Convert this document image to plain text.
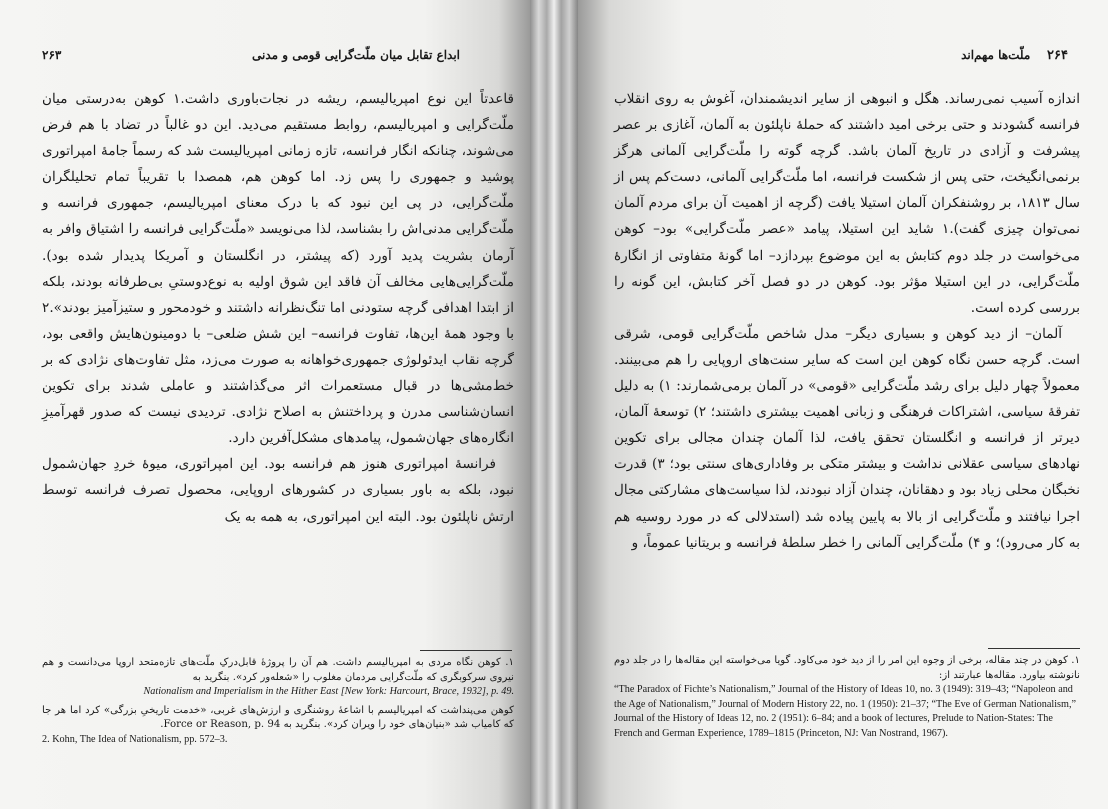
ابداع تقابل میان ملّت‌گرایی قومی و مدنی
۲۶۳

قاعدتاً این نوع امپریالیسم، ریشه در نجات‌باوری داشت.۱ کوهن به‌درستی میان ملّت‌گرایی و امپریالیسم، روابط مستقیم می‌دید. این دو غالباً در تضاد با هم فرض می‌شوند، چنانکه انگار فرانسه، تازه زمانی امپریالیست شد که رسماً جامهٔ امپراتوری پوشید و جمهوری را پس زد. اما کوهن هم، همصدا با تقریباً تمام تحلیلگران ملّت‌گرایی، در پی این نبود که با درک معنای امپریالیسم، جمهوری فرانسه و ملّت‌گرایی مدنی‌اش را بشناسد، لذا می‌نویسد «ملّت‌گرایی فرانسه را اشتیاق وافر به آرمان بشریت پدید آورد (که پیشتر، در انگلستان و آمریکا پدیدار شده بود). ملّت‌گرایی‌هایی مخالف آن فاقد این شوق اولیه به نوع‌دوستیِ بی‌طرفانه بودند، بلکه از ابتدا اهدافی گرچه ستودنی اما تنگ‌نظرانه داشتند و خودمحور و ستیزآمیز بودند».۲ با وجود همهٔ این‌ها، تفاوت فرانسه– این شش ضلعی– با دومینون‌هایش واقعی بود، گرچه نقاب ایدئولوژی جمهوری‌خواهانه به صورت می‌زد، مثل تفاوت‌های نژادی که بر خط‌مشی‌ها در قبال مستعمرات اثر می‌گذاشتند و عاملی شدند برای تکوین انسان‌شناسی مدرن و پرداختنش به اصلاح نژادی. تردیدی نیست که صدور قهرآمیزِ انگاره‌های جهان‌شمول، پیامدهای مشکل‌آفرین دارد.

فرانسهٔ امپراتوری هنوز هم فرانسه بود. این امپراتوری، میوهٔ خردِ جهان‌شمول نبود، بلکه به باور بسیاری در کشورهای اروپایی، محصول تصرف فرانسه توسط ارتش ناپلئون بود. البته این امپراتوری، به همه به یک

۱. کوهن نگاه مردی به امپریالیسم داشت. هم آن را پروژهٔ قابل‌درکِ ملّت‌های تازه‌متحد اروپا می‌دانست و هم نیروی سرکوبگری که ملّت‌گرایی مردمان مغلوب را «شعلەور کرد». بنگرید به
Nationalism and Imperialism in the Hither East [New York: Harcourt, Brace, 1932], p. 49.
کوهن می‌پنداشت که امپریالیسم با اشاعهٔ روشنگری و ارزش‌های غربی، «خدمت تاریخیِ بزرگی» کرد اما هر جا که کامیاب شد «بنیان‌های خود را ویران کرد». بنگرید به Force or Reason, p. 94.
2. Kohn, The Idea of Nationalism, pp. 572–3.
۲۶۴    ملّت‌ها مهم‌اند

اندازه آسیب نمی‌رساند. هگل و انبوهی از سایر اندیشمندان، آغوش به روی انقلاب فرانسه گشودند و حتی برخی امید داشتند که حملهٔ ناپلئون به آلمان، آغازی بر عصر پیشرفت و آزادی در تاریخ آلمان باشد. گرچه گوته را ملّت‌گرایی آلمانی هرگز برنمی‌انگیخت، حتی پس از شکست فرانسه، اما ملّت‌گرایی آلمانی، دست‌کم پس از سال ۱۸۱۳، بر روشنفکران آلمان استیلا یافت (گرچه از اهمیت آن برای مردم آلمان نمی‌توان چیزی گفت).۱ شاید این استیلا، پیامد «عصر ملّت‌گرایی» بود– کوهن می‌خواست در جلد دوم کتابش به این موضوع بپردازد– اما گونهٔ متفاوتی از انگارهٔ ملّت‌گرایی، در این استیلا مؤثر بود. کوهن در دو فصل آخر کتابش، این گونه را بررسی کرده است.

آلمان– از دید کوهن و بسیاری دیگر– مدل شاخص ملّت‌گرایی قومی، شرقی است. گرچه حسن نگاه کوهن این است که سایر سنت‌های اروپایی را هم می‌بینند. معمولاً چهار دلیل برای رشد ملّت‌گرایی «قومی» در آلمان برمی‌شمارند: ۱) به دلیل تفرقهٔ سیاسی، اشتراکات فرهنگی و زبانی اهمیت بیشتری داشتند؛ ۲) توسعهٔ آلمان، دیرتر از فرانسه و انگلستان تحقق یافت، لذا آلمان چندان مجالی برای تکوین نهادهای سیاسی عقلانی نداشت و بیشتر متکی بر وفاداری‌های سنتی بود؛ ۳) قدرت نخبگان محلی زیاد بود و دهقانان، چندان آزاد نبودند، لذا سیاست‌های مشارکتی مجال اجرا نیافتند و ملّت‌گرایی از بالا به پایین پیاده شد (استدلالی که در مورد روسیه هم به کار می‌رود)؛ و ۴) ملّت‌گرایی آلمانی را خطر سلطهٔ فرانسه و بریتانیا عموماً، و

۱. کوهن در چند مقاله، برخی از وجوه این امر را از دید خود می‌کاود. گویا می‌خواسته این مقاله‌ها را در جلد دوم نانوشته بیاورد. مقاله‌ها عبارتند از:
“The Paradox of Fichte’s Nationalism,” Journal of the History of Ideas 10, no. 3 (1949): 319–43; “Napoleon and the Age of Nationalism,” Journal of Modern History 22, no. 1 (1950): 21–37; “The Eve of German Nationalism,” Journal of the History of Ideas 12, no. 2 (1951): 6–84; and a book of lectures, Prelude to Nation-States: The French and German Experience, 1789–1815 (Princeton, NJ: Van Nostrand, 1967).
